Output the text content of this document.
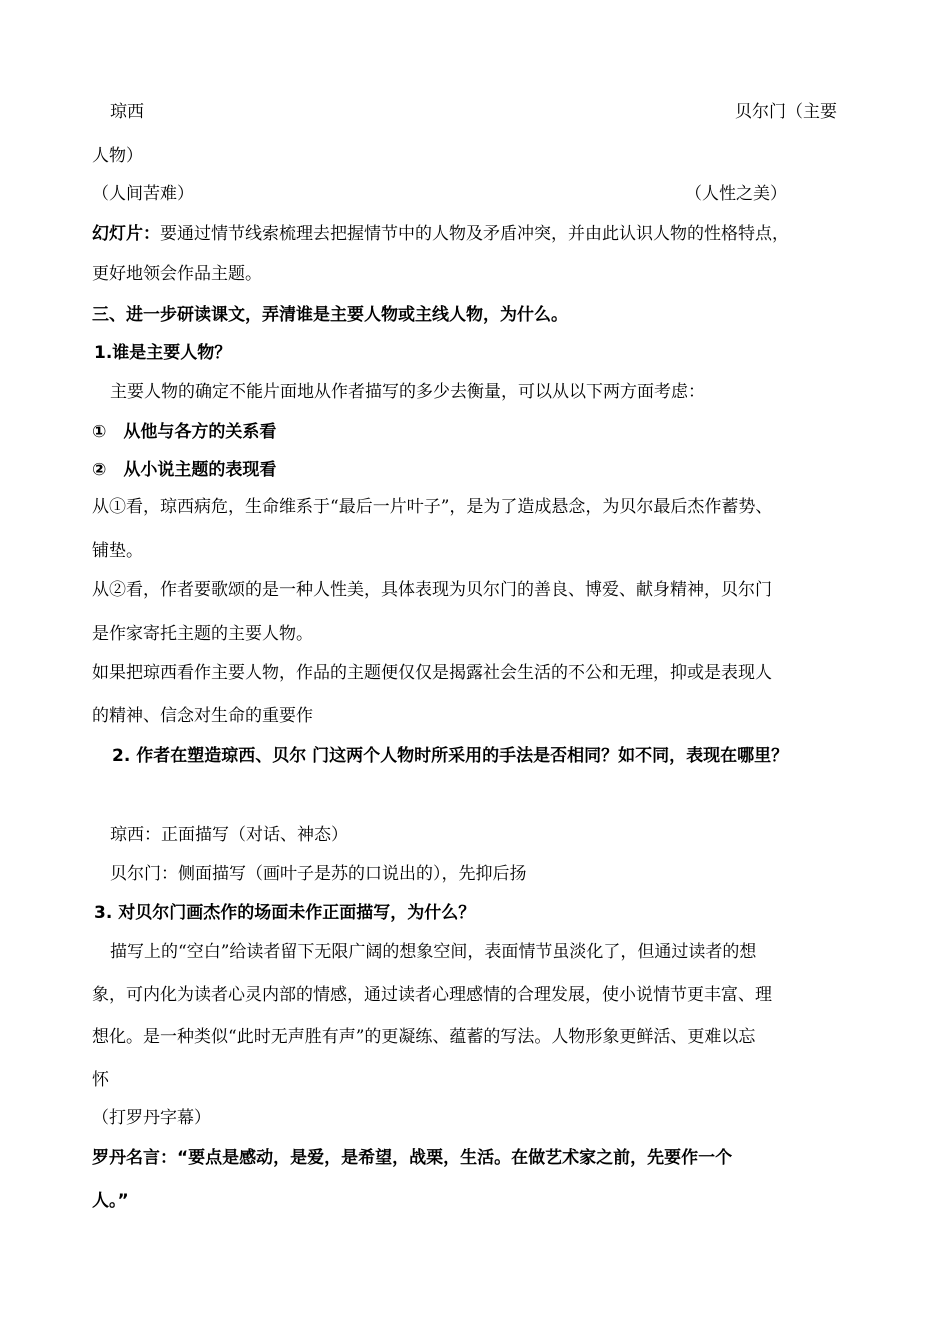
琼西	贝尔门（主要
人物）
（人间苦难）	（人性之美）
幻灯片：要通过情节线索梳理去把握情节中的人物及矛盾冲突，并由此认识人物的性格特点，
更好地领会作品主题。
三、进一步研读课文，弄清谁是主要人物或主线人物，为什么。
1.谁是主要人物？
主要人物的确定不能片面地从作者描写的多少去衡量，可以从以下两方面考虑：
①　从他与各方的关系看
②　从小说主题的表现看
从①看，琼西病危，生命维系于“最后一片叶子”，是为了造成悬念，为贝尔最后杰作蓄势、
铺垫。
从②看，作者要歌颂的是一种人性美，具体表现为贝尔门的善良、博爱、献身精神，贝尔门
是作家寄托主题的主要人物。
如果把琼西看作主要人物，作品的主题便仅仅是揭露社会生活的不公和无理，抑或是表现人
的精神、信念对生命的重要作
2. 作者在塑造琼西、贝尔 门这两个人物时所采用的手法是否相同？如不同，表现在哪里？
琼西：正面描写（对话、神态）
贝尔门：侧面描写（画叶子是苏的口说出的），先抑后扬
3. 对贝尔门画杰作的场面未作正面描写，为什么？
描写上的“空白”给读者留下无限广阔的想象空间，表面情节虽淡化了，但通过读者的想
象，可内化为读者心灵内部的情感，通过读者心理感情的合理发展，使小说情节更丰富、理
想化。是一种类似“此时无声胜有声”的更凝练、蕴蓄的写法。人物形象更鲜活、更难以忘
怀
（打罗丹字幕）
罗丹名言：“要点是感动，是爱，是希望，战栗，生活。在做艺术家之前，先要作一个
人。”
